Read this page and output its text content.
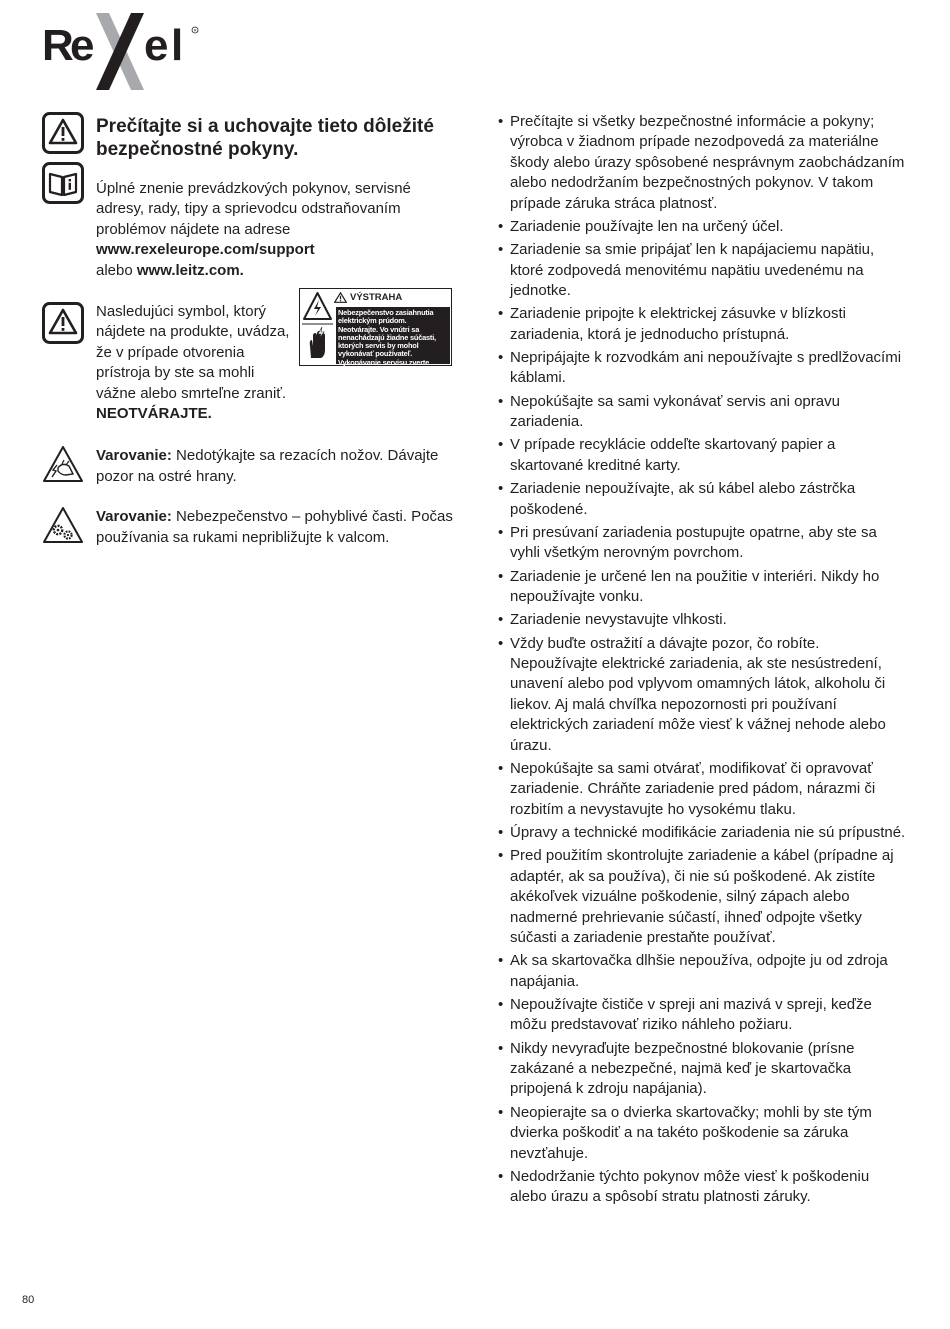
R
e e l	R

Prečítajte si a uchovajte tieto dôležité bezpečnostné pokyny.

Úplné znenie prevádzkových pokynov, servisné adresy, rady, tipy a sprievodcu odstraňovaním problémov nájdete na adrese
www.rexeleurope.com/support
alebo www.leitz.com.

Nasledujúci symbol, ktorý nájdete na produkte, uvádza, že v prípade otvorenia prístroja by ste sa mohli vážne alebo smrteľne zraniť. NEOTVÁRAJTE.

Varovanie: Nedotýkajte sa rezacích nožov. Dávajte pozor na ostré hrany.

Varovanie: Nebezpečenstvo – pohyblivé časti. Počas používania sa rukami nepribližujte k valcom.

VÝSTRAHA
Nebezpečenstvo zasiahnutia elektrickým prúdom. Neotvárajte. Vo vnútri sa nenachádzajú žiadne súčasti, ktorých servis by mohol vykonávať používateľ. Vykonávanie servisu zverte kvalifikovaným pracovníkom.
• Prečítajte si všetky bezpečnostné informácie a pokyny; výrobca v žiadnom prípade nezodpovedá za materiálne škody alebo úrazy spôsobené nesprávnym zaobchádzaním alebo nedodržaním bezpečnostných pokynov. V takom prípade záruka stráca platnosť.
• Zariadenie používajte len na určený účel.
• Zariadenie sa smie pripájať len k napájaciemu napätiu, ktoré zodpovedá menovitému napätiu uvedenému na jednotke.
• Zariadenie pripojte k elektrickej zásuvke v blízkosti zariadenia, ktorá je jednoducho prístupná.
• Nepripájajte k rozvodkám ani nepoužívajte s predlžovacími káblami.
• Nepokúšajte sa sami vykonávať servis ani opravu zariadenia.
• V prípade recyklácie oddeľte skartovaný papier a skartované kreditné karty.
• Zariadenie nepoužívajte, ak sú kábel alebo zástrčka poškodené.
• Pri presúvaní zariadenia postupujte opatrne, aby ste sa vyhli všetkým nerovným povrchom.
• Zariadenie je určené len na použitie v interiéri. Nikdy ho nepoužívajte vonku.
• Zariadenie nevystavujte vlhkosti.
• Vždy buďte ostražití a dávajte pozor, čo robíte. Nepoužívajte elektrické zariadenia, ak ste nesústredení, unavení alebo pod vplyvom omamných látok, alkoholu či liekov. Aj malá chvíľka nepozornosti pri používaní elektrických zariadení môže viesť k vážnej nehode alebo úrazu.
• Nepokúšajte sa sami otvárať, modifikovať či opravovať zariadenie. Chráňte zariadenie pred pádom, nárazmi či rozbitím a nevystavujte ho vysokému tlaku.
• Úpravy a technické modifikácie zariadenia nie sú prípustné.
• Pred použitím skontrolujte zariadenie a kábel (prípadne aj adaptér, ak sa používa), či nie sú poškodené. Ak zistíte akékoľvek vizuálne poškodenie, silný zápach alebo nadmerné prehrievanie súčastí, ihneď odpojte všetky súčasti a zariadenie prestaňte používať.
• Ak sa skartovačka dlhšie nepoužíva, odpojte ju od zdroja napájania.
• Nepoužívajte čističe v spreji ani mazivá v spreji, keďže môžu predstavovať riziko náhleho požiaru.
• Nikdy nevyraďujte bezpečnostné blokovanie (prísne zakázané a nebezpečné, najmä keď je skartovačka pripojená k zdroju napájania).
• Neopierajte sa o dvierka skartovačky; mohli by ste tým dvierka poškodiť a na takéto poškodenie sa záruka nevzťahuje.
• Nedodržanie týchto pokynov môže viesť k poškodeniu alebo úrazu a spôsobí stratu platnosti záruky.
80
